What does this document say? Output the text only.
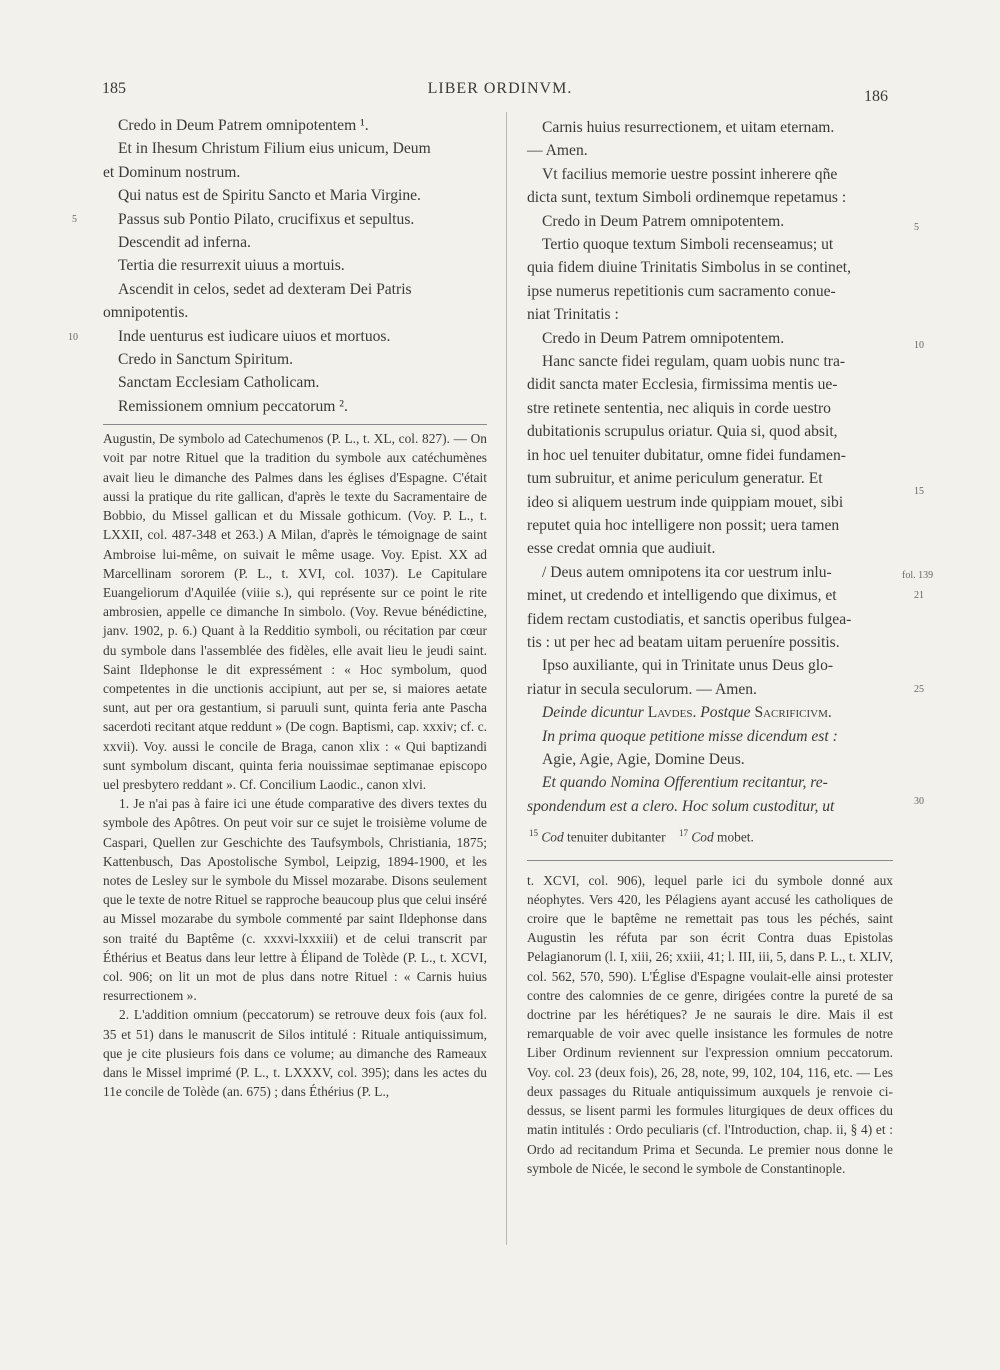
185	LIBER ORDINVM.	186

Credo in Deum Patrem omnipotentem ¹.

Et in Ihesum Christum Filium eius unicum, Deum

et Dominum nostrum.

Qui natus est de Spiritu Sancto et Maria Virgine.

Passus sub Pontio Pilato, crucifixus et sepultus.

Descendit ad inferna.

Tertia die resurrexit uiuus a mortuis.

Ascendit in celos, sedet ad dexteram Dei Patris

omnipotentis.

Inde uenturus est iudicare uiuos et mortuos.

Credo in Sanctum Spiritum.

Sanctam Ecclesiam Catholicam.

Remissionem omnium peccatorum ².

Augustin, De symbolo ad Catechumenos (P. L., t. XL, col. 827). — On voit par notre Rituel que la tradition du symbole aux catéchumènes avait lieu le dimanche des Palmes dans les églises d'Espagne. C'était aussi la pratique du rite gallican, d'après le texte du Sacramentaire de Bobbio, du Missel gallican et du Missale gothicum. (Voy. P. L., t. LXXII, col. 487-348 et 263.) A Milan, d'après le témoignage de saint Ambroise lui-même, on suivait le même usage. Voy. Epist. XX ad Marcellinam sororem (P. L., t. XVI, col. 1037). Le Capitulare Euangeliorum d'Aquilée (viiie s.), qui représente sur ce point le rite ambrosien, appelle ce dimanche In simbolo. (Voy. Revue bénédictine, janv. 1902, p. 6.) Quant à la Redditio symboli, ou récitation par cœur du symbole dans l'assemblée des fidèles, elle avait lieu le jeudi saint. Saint Ildephonse le dit expressément : « Hoc symbolum, quod competentes in die unctionis accipiunt, aut per se, si maiores aetate sunt, aut per ora gestantium, si paruuli sunt, quinta feria ante Pascha sacerdoti recitant atque reddunt » (De cogn. Baptismi, cap. xxxiv; cf. c. xxvii). Voy. aussi le concile de Braga, canon xlix : « Qui baptizandi sunt symbolum discant, quinta feria nouissimae septimanae episcopo uel presbytero reddant ». Cf. Concilium Laodic., canon xlvi.

1. Je n'ai pas à faire ici une étude comparative des divers textes du symbole des Apôtres. On peut voir sur ce sujet le troisième volume de Caspari, Quellen zur Geschichte des Taufsymbols, Christiania, 1875; Kattenbusch, Das Apostolische Symbol, Leipzig, 1894-1900, et les notes de Lesley sur le symbole du Missel mozarabe. Disons seulement que le texte de notre Rituel se rapproche beaucoup plus que celui inséré au Missel mozarabe du symbole commenté par saint Ildephonse dans son traité du Baptême (c. xxxvi-lxxxiii) et de celui transcrit par Éthérius et Beatus dans leur lettre à Élipand de Tolède (P. L., t. XCVI, col. 906; on lit un mot de plus dans notre Rituel : « Carnis huius resurrectionem ».

2. L'addition omnium (peccatorum) se retrouve deux fois (aux fol. 35 et 51) dans le manuscrit de Silos intitulé : Rituale antiquissimum, que je cite plusieurs fois dans ce volume; au dimanche des Rameaux dans le Missel imprimé (P. L., t. LXXXV, col. 395); dans les actes du 11e concile de Tolède (an. 675) ; dans Éthérius (P. L.,

5
10

Carnis huius resurrectionem, et uitam eternam.

— Amen.

Vt facilius memorie uestre possint inherere qñe

dicta sunt, textum Simboli ordinemque repetamus :

Credo in Deum Patrem omnipotentem.

Tertio quoque textum Simboli recenseamus; ut

quia fidem diuine Trinitatis Simbolus in se continet,

ipse numerus repetitionis cum sacramento conue-

niat Trinitatis :

Credo in Deum Patrem omnipotentem.

Hanc sancte fidei regulam, quam uobis nunc tra-

didit sancta mater Ecclesia, firmissima mentis ue-

stre retinete sententia, nec aliquis in corde uestro

dubitationis scrupulus oriatur. Quia si, quod absit,

in hoc uel tenuiter dubitatur, omne fidei fundamen-

tum subruitur, et anime periculum generatur. Et

ideo si aliquem uestrum inde quippiam mouet, sibi

reputet quia hoc intelligere non possit; uera tamen

esse credat omnia que audiuit.

/ Deus autem omnipotens ita cor uestrum inlu-

minet, ut credendo et intelligendo que diximus, et

fidem rectam custodiatis, et sanctis operibus fulgea-

tis : ut per hec ad beatam uitam perueníre possitis.

Ipso auxiliante, qui in Trinitate unus Deus glo-

riatur in secula seculorum. — Amen.

Deinde dicuntur Lavdes. Postque Sacrificivm.

In prima quoque petitione misse dicendum est :

Agie, Agie, Agie, Domine Deus.

Et quando Nomina Offerentium recitantur, re-

spondendum est a clero. Hoc solum custoditur, ut

$^{15}$ Cod tenuiter dubitanter $^{17}$ Cod mobet.

t. XCVI, col. 906), lequel parle ici du symbole donné aux néophytes. Vers 420, les Pélagiens ayant accusé les catholiques de croire que le baptême ne remettait pas tous les péchés, saint Augustin les réfuta par son écrit Contra duas Epistolas Pelagianorum (l. I, xiii, 26; xxiii, 41; l. III, iii, 5, dans P. L., t. XLIV, col. 562, 570, 590). L'Église d'Espagne voulait-elle ainsi protester contre des calomnies de ce genre, dirigées contre la pureté de sa doctrine par les hérétiques? Je ne saurais le dire. Mais il est remarquable de voir avec quelle insistance les formules de notre Liber Ordinum reviennent sur l'expression omnium peccatorum. Voy. col. 23 (deux fois), 26, 28, note, 99, 102, 104, 116, etc. — Les deux passages du Rituale antiquissimum auxquels je renvoie ci-dessus, se lisent parmi les formules liturgiques de deux offices du matin intitulés : Ordo peculiaris (cf. l'Introduction, chap. ii, § 4) et : Ordo ad recitandum Prima et Secunda. Le premier nous donne le symbole de Nicée, le second le symbole de Constantinople.

5
10
15
fol. 139
21
25
30
